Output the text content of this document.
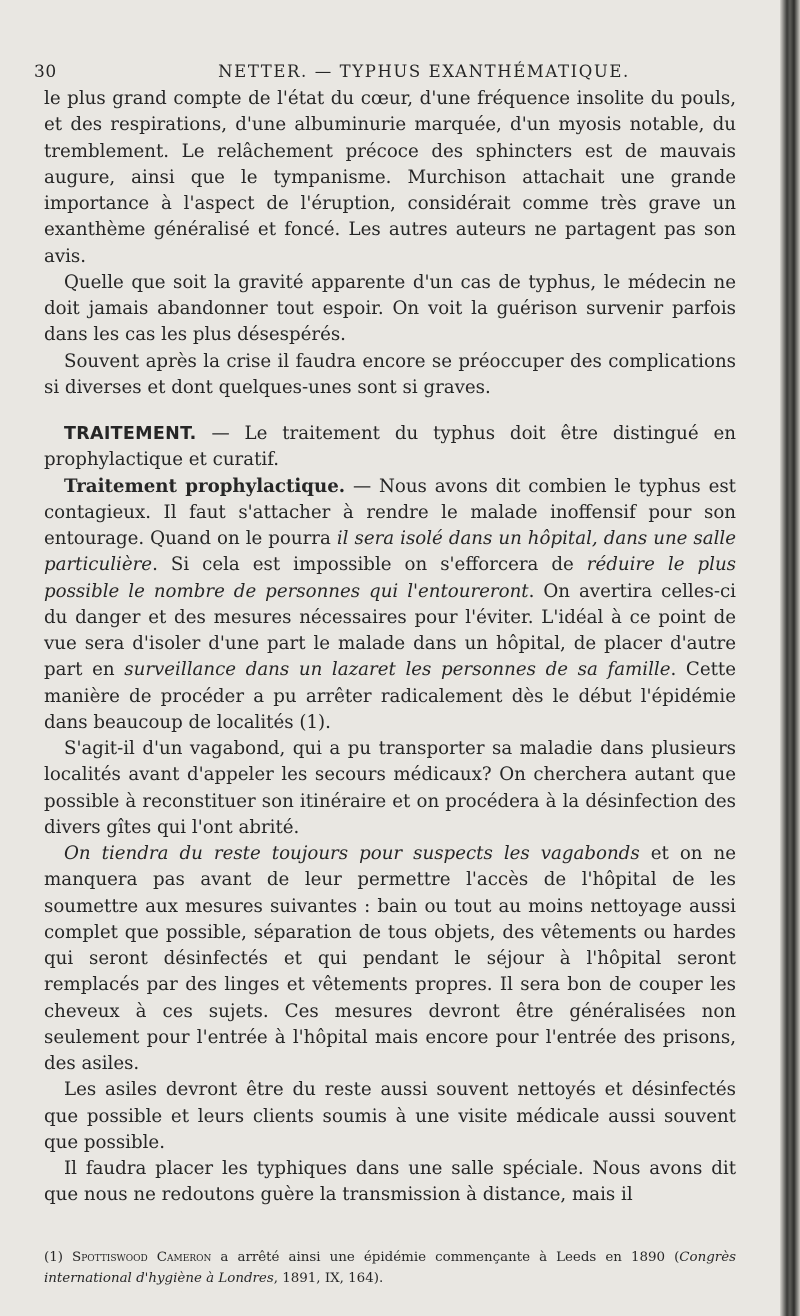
30	NETTER. — TYPHUS EXANTHÉMATIQUE.

le plus grand compte de l'état du cœur, d'une fréquence insolite du pouls, et des respirations, d'une albuminurie marquée, d'un myosis notable, du tremblement. Le relâchement précoce des sphincters est de mauvais augure, ainsi que le tympanisme. Murchison attachait une grande importance à l'aspect de l'éruption, considérait comme très grave un exanthème généralisé et foncé. Les autres auteurs ne partagent pas son avis.

Quelle que soit la gravité apparente d'un cas de typhus, le médecin ne doit jamais abandonner tout espoir. On voit la guérison survenir parfois dans les cas les plus désespérés.

Souvent après la crise il faudra encore se préoccuper des complications si diverses et dont quelques-unes sont si graves.

TRAITEMENT. — Le traitement du typhus doit être distingué en prophylactique et curatif.

Traitement prophylactique. — Nous avons dit combien le typhus est contagieux. Il faut s'attacher à rendre le malade inoffensif pour son entourage. Quand on le pourra il sera isolé dans un hôpital, dans une salle particulière. Si cela est impossible on s'efforcera de réduire le plus possible le nombre de personnes qui l'entoureront. On avertira celles-ci du danger et des mesures nécessaires pour l'éviter. L'idéal à ce point de vue sera d'isoler d'une part le malade dans un hôpital, de placer d'autre part en surveillance dans un lazaret les personnes de sa famille. Cette manière de procéder a pu arrêter radicalement dès le début l'épidémie dans beaucoup de localités (1).

S'agit-il d'un vagabond, qui a pu transporter sa maladie dans plusieurs localités avant d'appeler les secours médicaux? On cherchera autant que possible à reconstituer son itinéraire et on procédera à la désinfection des divers gîtes qui l'ont abrité.

On tiendra du reste toujours pour suspects les vagabonds et on ne manquera pas avant de leur permettre l'accès de l'hôpital de les soumettre aux mesures suivantes : bain ou tout au moins nettoyage aussi complet que possible, séparation de tous objets, des vêtements ou hardes qui seront désinfectés et qui pendant le séjour à l'hôpital seront remplacés par des linges et vêtements propres. Il sera bon de couper les cheveux à ces sujets. Ces mesures devront être généralisées non seulement pour l'entrée à l'hôpital mais encore pour l'entrée des prisons, des asiles.

Les asiles devront être du reste aussi souvent nettoyés et désinfectés que possible et leurs clients soumis à une visite médicale aussi souvent que possible.

Il faudra placer les typhiques dans une salle spéciale. Nous avons dit que nous ne redoutons guère la transmission à distance, mais il

(1) Spottiswood Cameron a arrêté ainsi une épidémie commençante à Leeds en 1890 (Congrès international d'hygiène à Londres, 1891, IX, 164).
